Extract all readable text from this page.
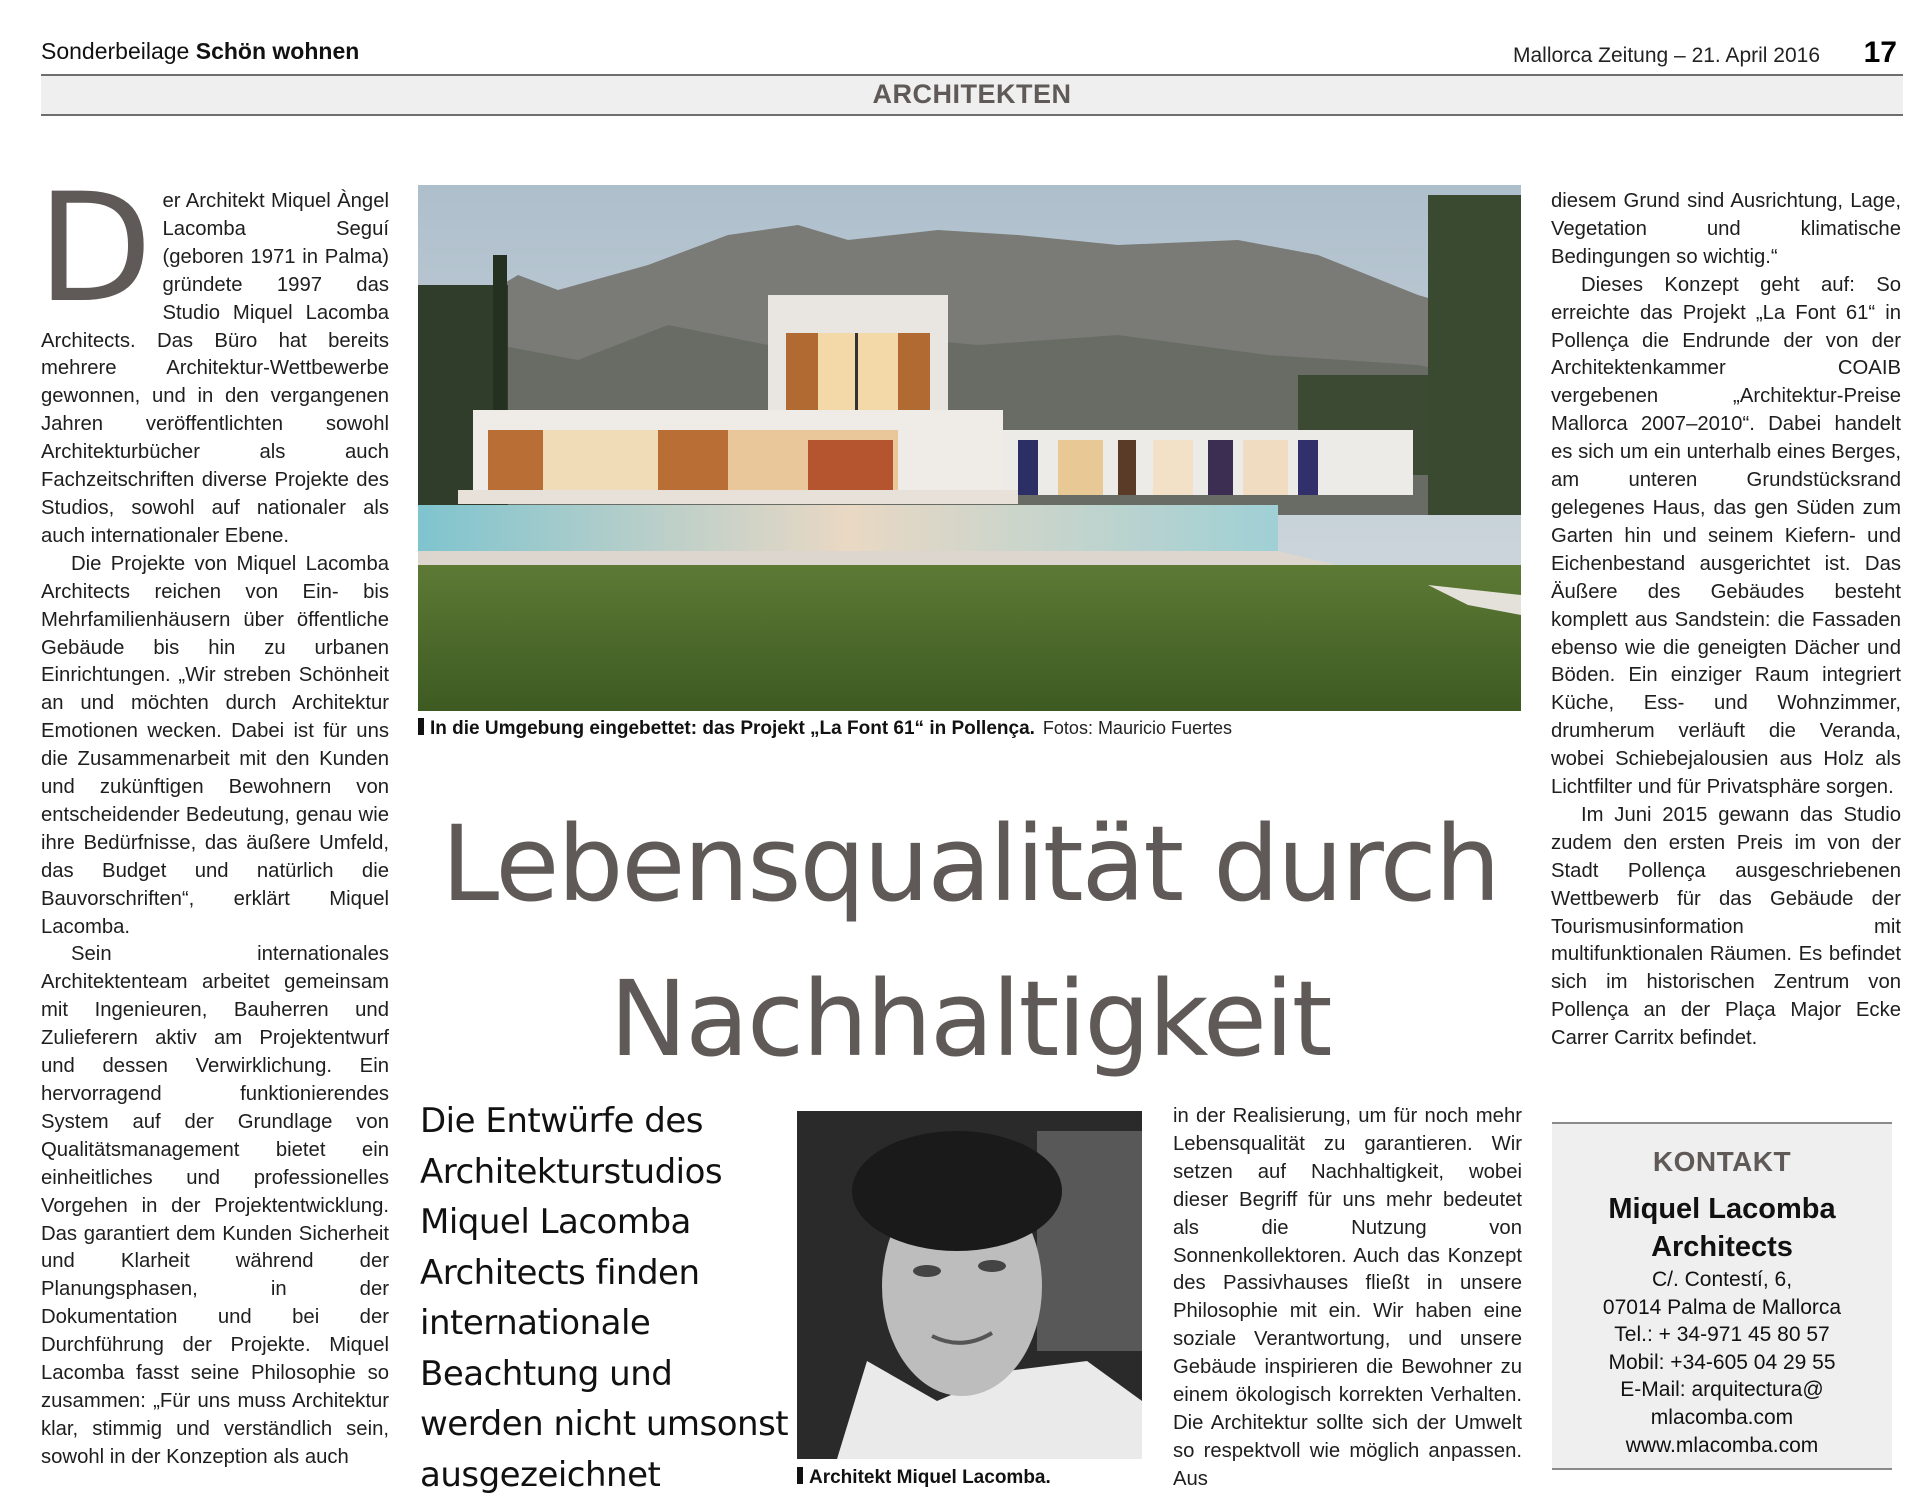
Sonderbeilage Schön wohnen	Mallorca Zeitung – 21. April 2016 17
ARCHITEKTEN

D er Architekt Miquel Àngel Lacomba Seguí (geboren 1971 in Palma) gründete 1997 das Studio Miquel Lacomba Architects. Das Büro hat bereits mehrere Architektur-Wettbewerbe gewonnen, und in den vergangenen Jahren veröffentlichten sowohl Architekturbücher als auch Fachzeitschriften diverse Projekte des Studios, sowohl auf nationaler als auch internationaler Ebene.

Die Projekte von Miquel Lacomba Architects reichen von Ein- bis Mehrfamilienhäusern über öffentliche Gebäude bis hin zu urbanen Einrichtungen. „Wir streben Schönheit an und möchten durch Architektur Emotionen wecken. Dabei ist für uns die Zusammenarbeit mit den Kunden und zukünftigen Bewohnern von entscheidender Bedeutung, genau wie ihre Bedürfnisse, das äußere Umfeld, das Budget und natürlich die Bauvorschriften“, erklärt Miquel Lacomba.

Sein internationales Architektenteam arbeitet gemeinsam mit Ingenieuren, Bauherren und Zulieferern aktiv am Projektentwurf und dessen Verwirklichung. Ein hervorragend funktionierendes System auf der Grundlage von Qualitätsmanagement bietet ein einheitliches und professionelles Vorgehen in der Projektentwicklung. Das garantiert dem Kunden Sicherheit und Klarheit während der Planungsphasen, in der Dokumentation und bei der Durchführung der Projekte. Miquel Lacomba fasst seine Philosophie so zusammen: „Für uns muss Architektur klar, stimmig und verständlich sein, sowohl in der Konzeption als auch

In die Umgebung eingebettet: das Projekt „La Font 61“ in Pollença. Fotos: Mauricio Fuertes
Lebensqualität durch
Nachhaltigkeit
Die Entwürfe des
Architekturstudios
Miquel Lacomba
Architects finden
internationale
Beachtung und
werden nicht umsonst
ausgezeichnet	Architekt Miquel Lacomba.

in der Realisierung, um für noch mehr Lebensqualität zu garantieren. Wir setzen auf Nachhaltigkeit, wobei dieser Begriff für uns mehr bedeutet als die Nutzung von Sonnenkollektoren. Auch das Konzept des Passivhauses fließt in unsere Philosophie mit ein. Wir haben eine soziale Verantwortung, und unsere Gebäude inspirieren die Bewohner zu einem ökologisch korrekten Verhalten. Die Architektur sollte sich der Umwelt so respektvoll wie möglich anpassen. Aus

diesem Grund sind Ausrichtung, Lage, Vegetation und klimatische Bedingungen so wichtig.“

Dieses Konzept geht auf: So erreichte das Projekt „La Font 61“ in Pollença die Endrunde der von der Architektenkammer COAIB vergebenen „Architektur-Preise Mallorca 2007–2010“. Dabei handelt es sich um ein unterhalb eines Berges, am unteren Grundstücksrand gelegenes Haus, das gen Süden zum Garten hin und seinem Kiefern- und Eichenbestand ausgerichtet ist. Das Äußere des Gebäudes besteht komplett aus Sandstein: die Fassaden ebenso wie die geneigten Dächer und Böden. Ein einziger Raum integriert Küche, Ess- und Wohnzimmer, drumherum verläuft die Veranda, wobei Schiebejalousien aus Holz als Lichtfilter und für Privatsphäre sorgen.

Im Juni 2015 gewann das Studio zudem den ersten Preis im von der Stadt Pollença ausgeschriebenen Wettbewerb für das Gebäude der Tourismusinformation mit multifunktionalen Räumen. Es befindet sich im historischen Zentrum von Pollença an der Plaça Major Ecke Carrer Carritx befindet.

KONTAKT
Miquel Lacomba
Architects
C/. Contestí, 6,
07014 Palma de Mallorca
Tel.: + 34-971 45 80 57
Mobil: +34-605 04 29 55
E-Mail: arquitectura@
mlacomba.com
www.mlacomba.com
